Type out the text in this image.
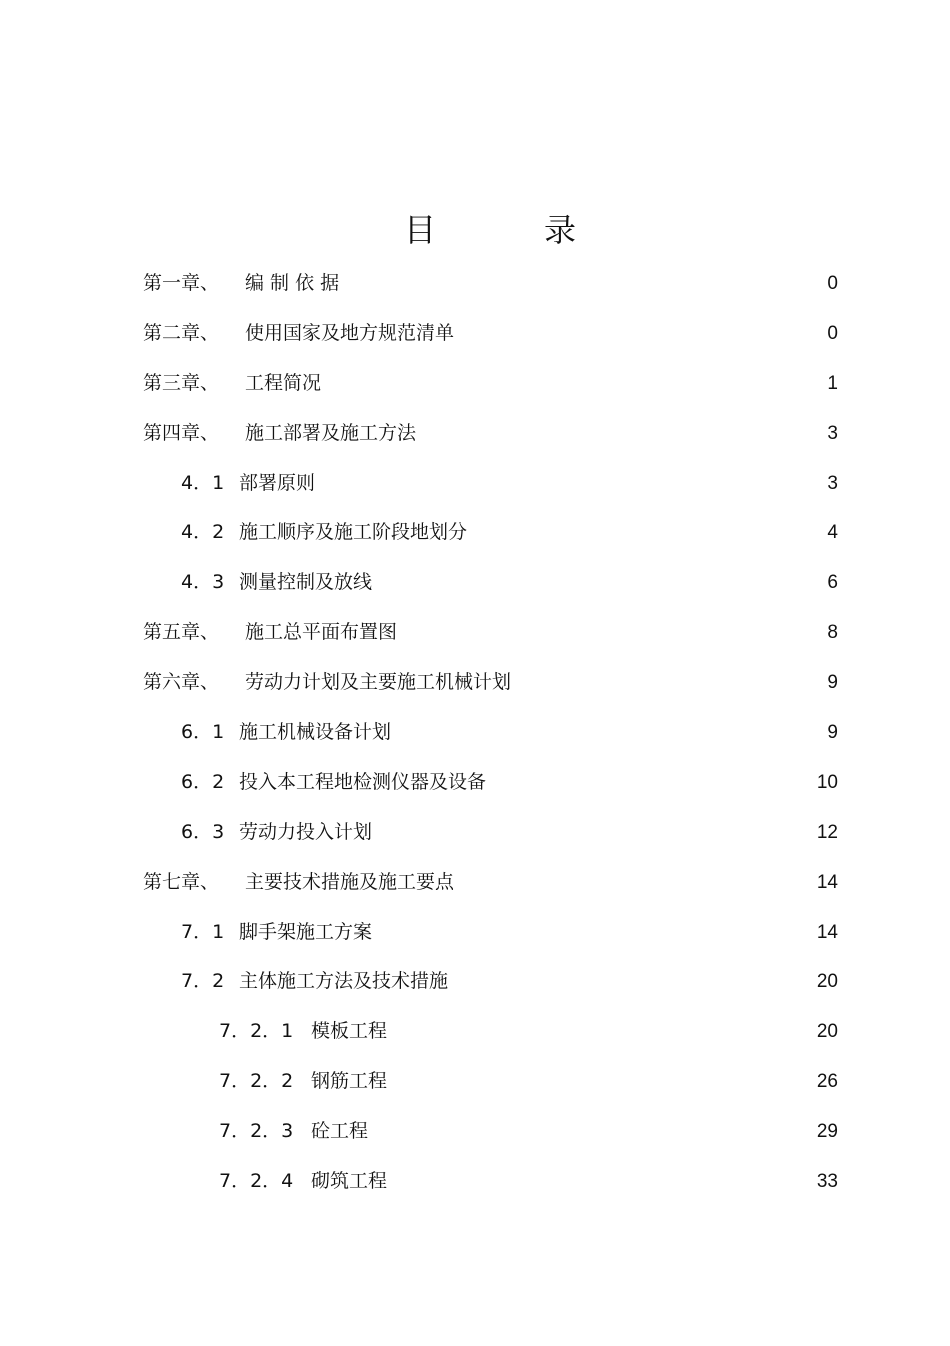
目	录
第一章、 编 制 依 据	0
第二章、 使用国家及地方规范清单	0
第三章、 工程简况	1
第四章、 施工部署及施工方法	3
4．1 部署原则	3
4．2 施工顺序及施工阶段地划分	4
4．3 测量控制及放线	6
第五章、 施工总平面布置图	8
第六章、 劳动力计划及主要施工机械计划	9
6．1 施工机械设备计划	9
6．2 投入本工程地检测仪器及设备	10
6．3 劳动力投入计划	12
第七章、 主要技术措施及施工要点	14
7．1 脚手架施工方案	14
7．2 主体施工方法及技术措施	20
7．2．1 模板工程	20
7．2．2 钢筋工程	26
7．2．3 砼工程	29
7．2．4 砌筑工程	33
